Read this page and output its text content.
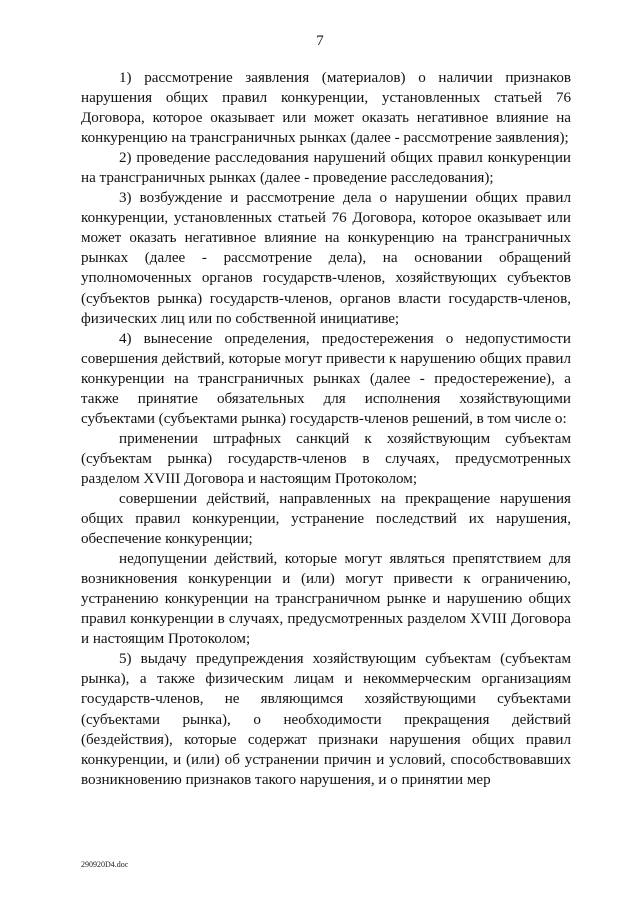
7

1) рассмотрение заявления (материалов) о наличии признаков нарушения общих правил конкуренции, установленных статьей 76 Договора, которое оказывает или может оказать негативное влияние на конкуренцию на трансграничных рынках (далее - рассмотрение заявления);

2) проведение расследования нарушений общих правил конкуренции на трансграничных рынках (далее - проведение расследования);

3) возбуждение и рассмотрение дела о нарушении общих правил конкуренции, установленных статьей 76 Договора, которое оказывает или может оказать негативное влияние на конкуренцию на трансграничных рынках (далее - рассмотрение дела), на основании обращений уполномоченных органов государств-членов, хозяйствующих субъектов (субъектов рынка) государств-членов, органов власти государств-членов, физических лиц или по собственной инициативе;

4) вынесение определения, предостережения о недопустимости совершения действий, которые могут привести к нарушению общих правил конкуренции на трансграничных рынках (далее - предостережение), а также принятие обязательных для исполнения хозяйствующими субъектами (субъектами рынка) государств-членов решений, в том числе о:

применении штрафных санкций к хозяйствующим субъектам (субъектам рынка) государств-членов в случаях, предусмотренных разделом XVIII Договора и настоящим Протоколом;

совершении действий, направленных на прекращение нарушения общих правил конкуренции, устранение последствий их нарушения, обеспечение конкуренции;

недопущении действий, которые могут являться препятствием для возникновения конкуренции и (или) могут привести к ограничению, устранению конкуренции на трансграничном рынке и нарушению общих правил конкуренции в случаях, предусмотренных разделом XVIII Договора и настоящим Протоколом;

5) выдачу предупреждения хозяйствующим субъектам (субъектам рынка), а также физическим лицам и некоммерческим организациям государств-членов, не являющимся хозяйствующими субъектами (субъектами рынка), о необходимости прекращения действий (бездействия), которые содержат признаки нарушения общих правил конкуренции, и (или) об устранении причин и условий, способствовавших возникновению признаков такого нарушения, и о принятии мер

290920D4.doc
